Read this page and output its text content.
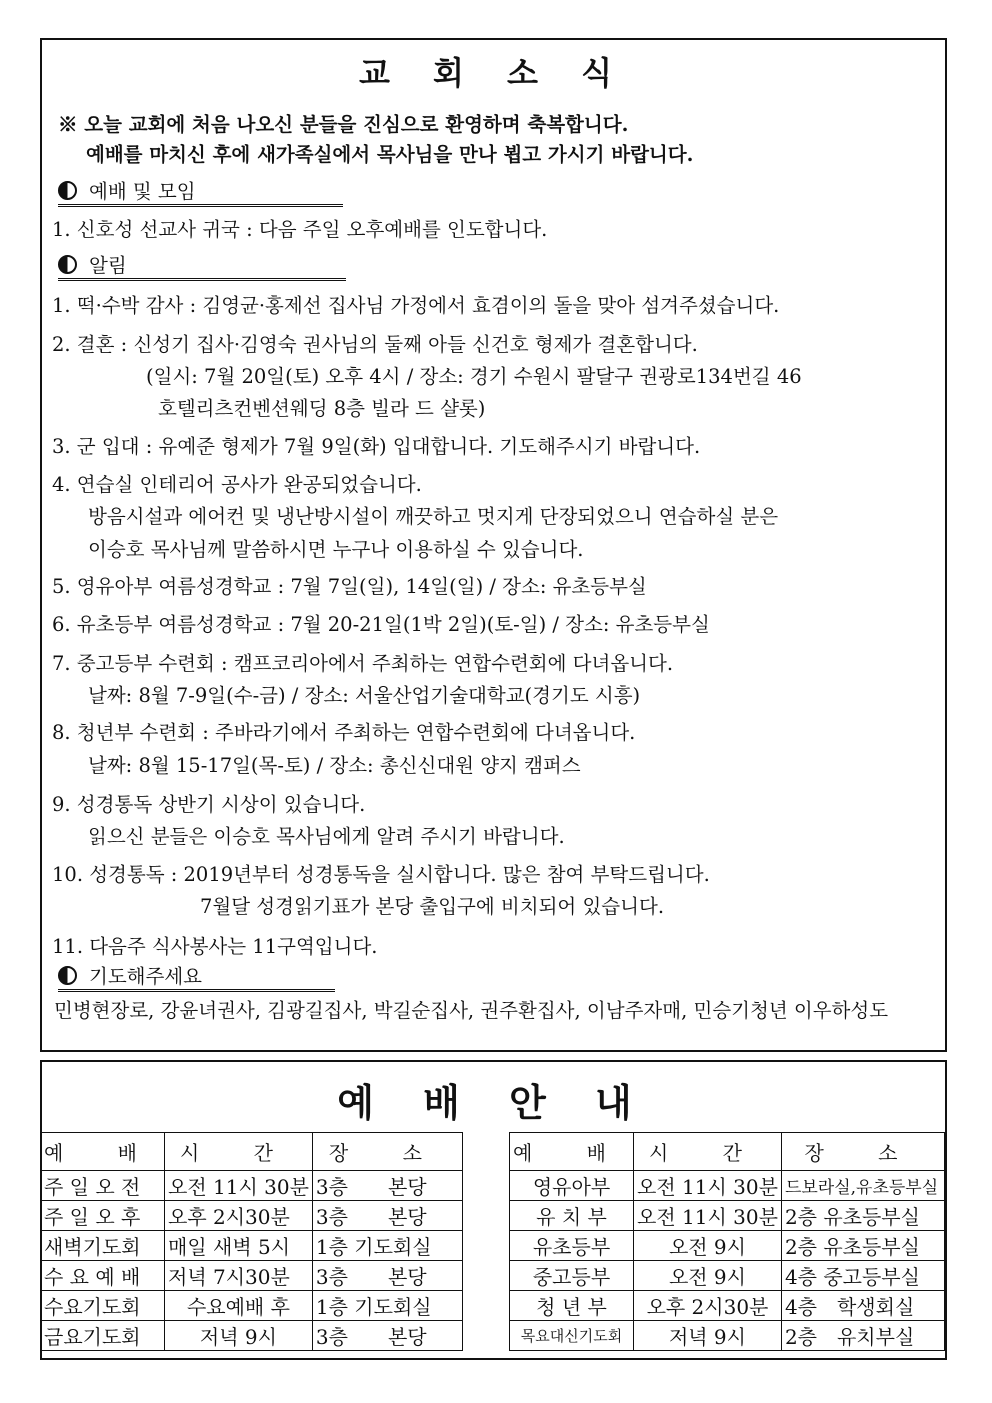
교 회 소 식
※ 오늘 교회에 처음 나오신 분들을 진심으로 환영하며 축복합니다.
예배를 마치신 후에 새가족실에서 목사님을 만나 뵙고 가시기 바랍니다.
예배 및 모임
1. 신호성 선교사 귀국 : 다음 주일 오후예배를 인도합니다.
알림
1. 떡·수박 감사 : 김영균·홍제선 집사님 가정에서 효겸이의 돌을 맞아 섬겨주셨습니다.
2. 결혼 : 신성기 집사·김영숙 권사님의 둘째 아들 신건호 형제가 결혼합니다.
(일시: 7월 20일(토) 오후 4시 / 장소: 경기 수원시 팔달구 권광로134번길 46
호텔리츠컨벤션웨딩 8층 빌라 드 샬롯)
3. 군 입대 : 유예준 형제가 7월 9일(화) 입대합니다. 기도해주시기 바랍니다.
4. 연습실 인테리어 공사가 완공되었습니다.
방음시설과 에어컨 및 냉난방시설이 깨끗하고 멋지게 단장되었으니 연습하실 분은
이승호 목사님께 말씀하시면 누구나 이용하실 수 있습니다.
5. 영유아부 여름성경학교 : 7월 7일(일), 14일(일) / 장소: 유초등부실
6. 유초등부 여름성경학교 : 7월 20-21일(1박 2일)(토-일) / 장소: 유초등부실
7. 중고등부 수련회 : 캠프코리아에서 주최하는 연합수련회에 다녀옵니다.
날짜: 8월 7-9일(수-금) / 장소: 서울산업기술대학교(경기도 시흥)
8. 청년부 수련회 : 주바라기에서 주최하는 연합수련회에 다녀옵니다.
날짜: 8월 15-17일(목-토) / 장소: 총신신대원 양지 캠퍼스
9. 성경통독 상반기 시상이 있습니다.
읽으신 분들은 이승호 목사님에게 알려 주시기 바랍니다.
10. 성경통독 : 2019년부터 성경통독을 실시합니다. 많은 참여 부탁드립니다.
7월달 성경읽기표가 본당 출입구에 비치되어 있습니다.
11. 다음주 식사봉사는 11구역입니다.
기도해주세요
민병현장로, 강윤녀권사, 김광길집사, 박길순집사, 권주환집사, 이남주자매, 민승기청년 이우하성도
예 배 안 내
예 배	시 간	장 소
주 일 오 전	오전 11시 30분	3층　　본당
주 일 오 후	오후 2시30분	3층　　본당
새벽기도회	매일 새벽 5시	1층 기도회실
수 요 예 배	저녁 7시30분	3층　　본당
수요기도회	수요예배 후	1층 기도회실
금요기도회	저녁 9시	3층　　본당
예 배	시 간	장 소
영유아부	오전 11시 30분	드보라실,유초등부실
유 치 부	오전 11시 30분	2층 유초등부실
유초등부	오전 9시	2층 유초등부실
중고등부	오전 9시	4층 중고등부실
청 년 부	오후 2시30분	4층　학생회실
목요대신기도회	저녁 9시	2층　유치부실
